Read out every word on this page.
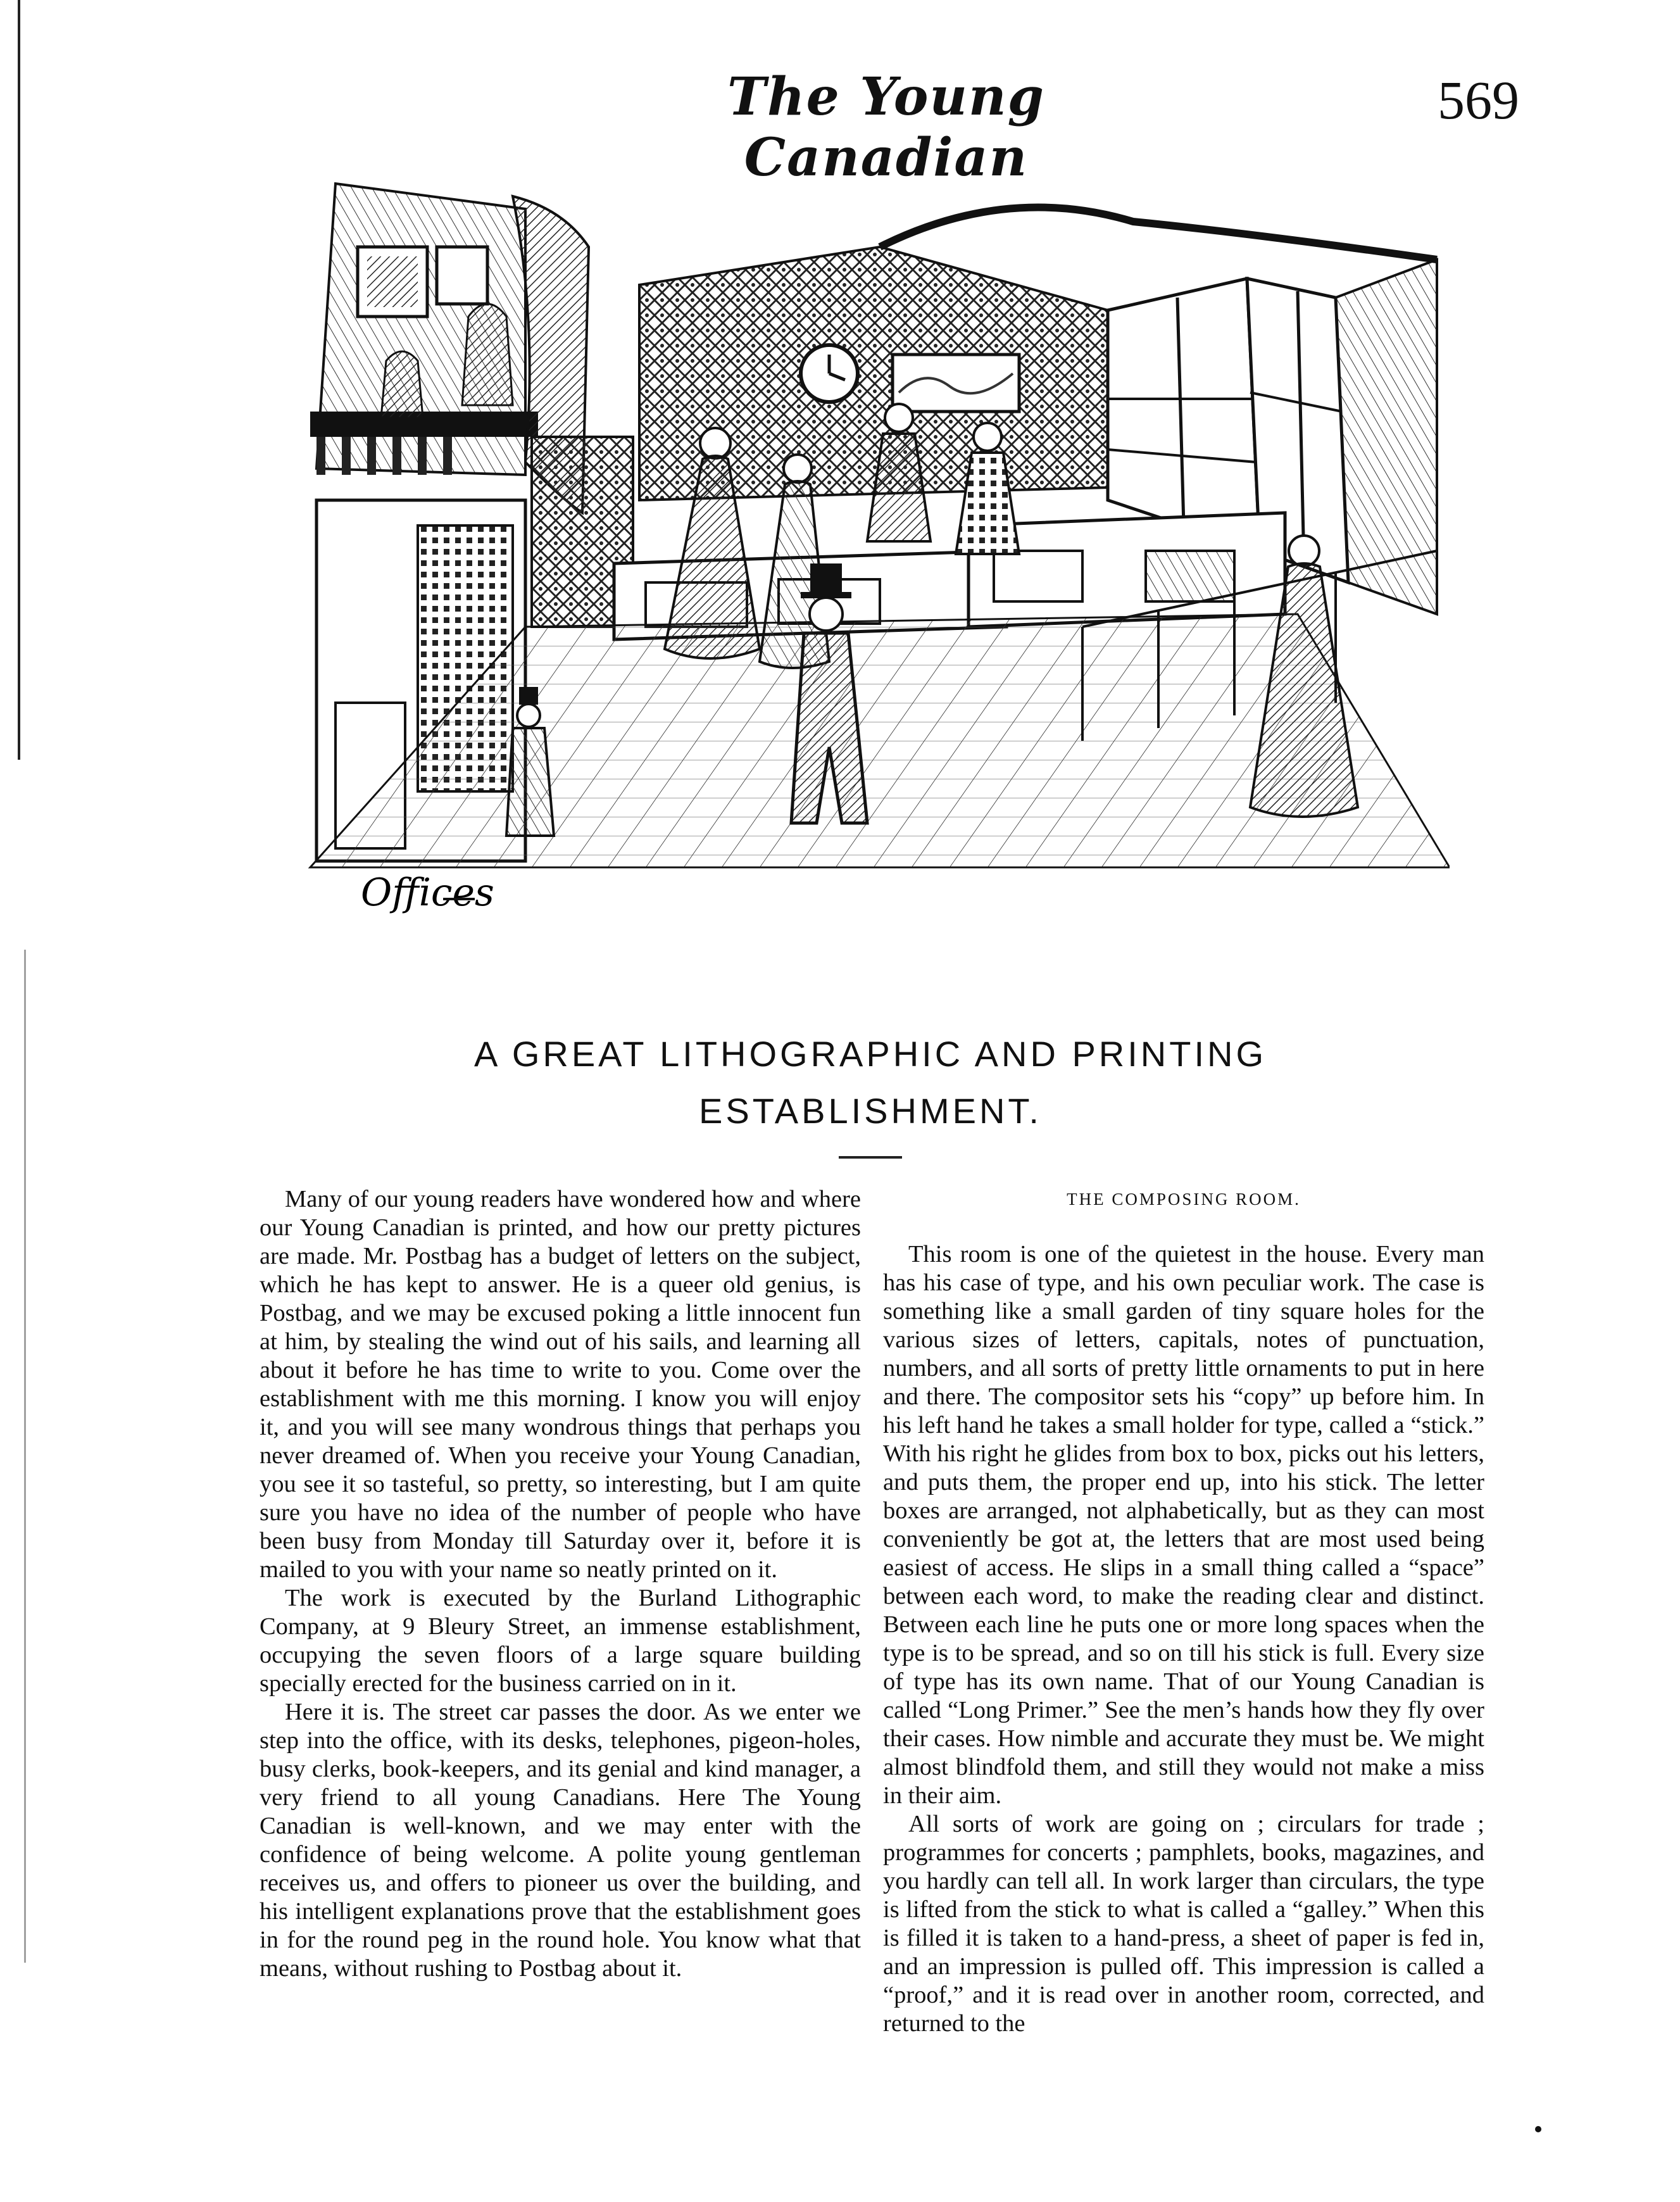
The Young Canadian
569
Offices
A GREAT LITHOGRAPHIC AND PRINTING
ESTABLISHMENT.

Many of our young readers have wondered how and where our Young Canadian is printed, and how our pretty pictures are made. Mr. Postbag has a budget of letters on the subject, which he has kept to answer. He is a queer old genius, is Postbag, and we may be excused poking a little innocent fun at him, by stealing the wind out of his sails, and learning all about it before he has time to write to you. Come over the establishment with me this morning. I know you will enjoy it, and you will see many wondrous things that perhaps you never dreamed of. When you receive your Young Canadian, you see it so tasteful, so pretty, so interesting, but I am quite sure you have no idea of the number of people who have been busy from Monday till Saturday over it, before it is mailed to you with your name so neatly printed on it.

The work is executed by the Burland Lithographic Company, at 9 Bleury Street, an immense establishment, occupying the seven floors of a large square building specially erected for the business carried on in it.

Here it is. The street car passes the door. As we enter we step into the office, with its desks, telephones, pigeon-holes, busy clerks, book-keepers, and its genial and kind manager, a very friend to all young Canadians. Here The Young Canadian is well-known, and we may enter with the confidence of being welcome. A polite young gentleman receives us, and offers to pioneer us over the building, and his intelligent explanations prove that the establishment goes in for the round peg in the round hole. You know what that means, without rushing to Postbag about it.

THE COMPOSING ROOM.

This room is one of the quietest in the house. Every man has his case of type, and his own peculiar work. The case is something like a small garden of tiny square holes for the various sizes of letters, capitals, notes of punctuation, numbers, and all sorts of pretty little ornaments to put in here and there. The compositor sets his “copy” up before him. In his left hand he takes a small holder for type, called a “stick.” With his right he glides from box to box, picks out his letters, and puts them, the proper end up, into his stick. The letter boxes are arranged, not alphabetically, but as they can most conveniently be got at, the letters that are most used being easiest of access. He slips in a small thing called a “space” between each word, to make the reading clear and distinct. Between each line he puts one or more long spaces when the type is to be spread, and so on till his stick is full. Every size of type has its own name. That of our Young Canadian is called “Long Primer.” See the men’s hands how they fly over their cases. How nimble and accurate they must be. We might almost blindfold them, and still they would not make a miss in their aim.

All sorts of work are going on ; circulars for trade ; programmes for concerts ; pamphlets, books, magazines, and you hardly can tell all. In work larger than circulars, the type is lifted from the stick to what is called a “galley.” When this is filled it is taken to a hand-press, a sheet of paper is fed in, and an impression is pulled off. This impression is called a “proof,” and it is read over in another room, corrected, and returned to the
